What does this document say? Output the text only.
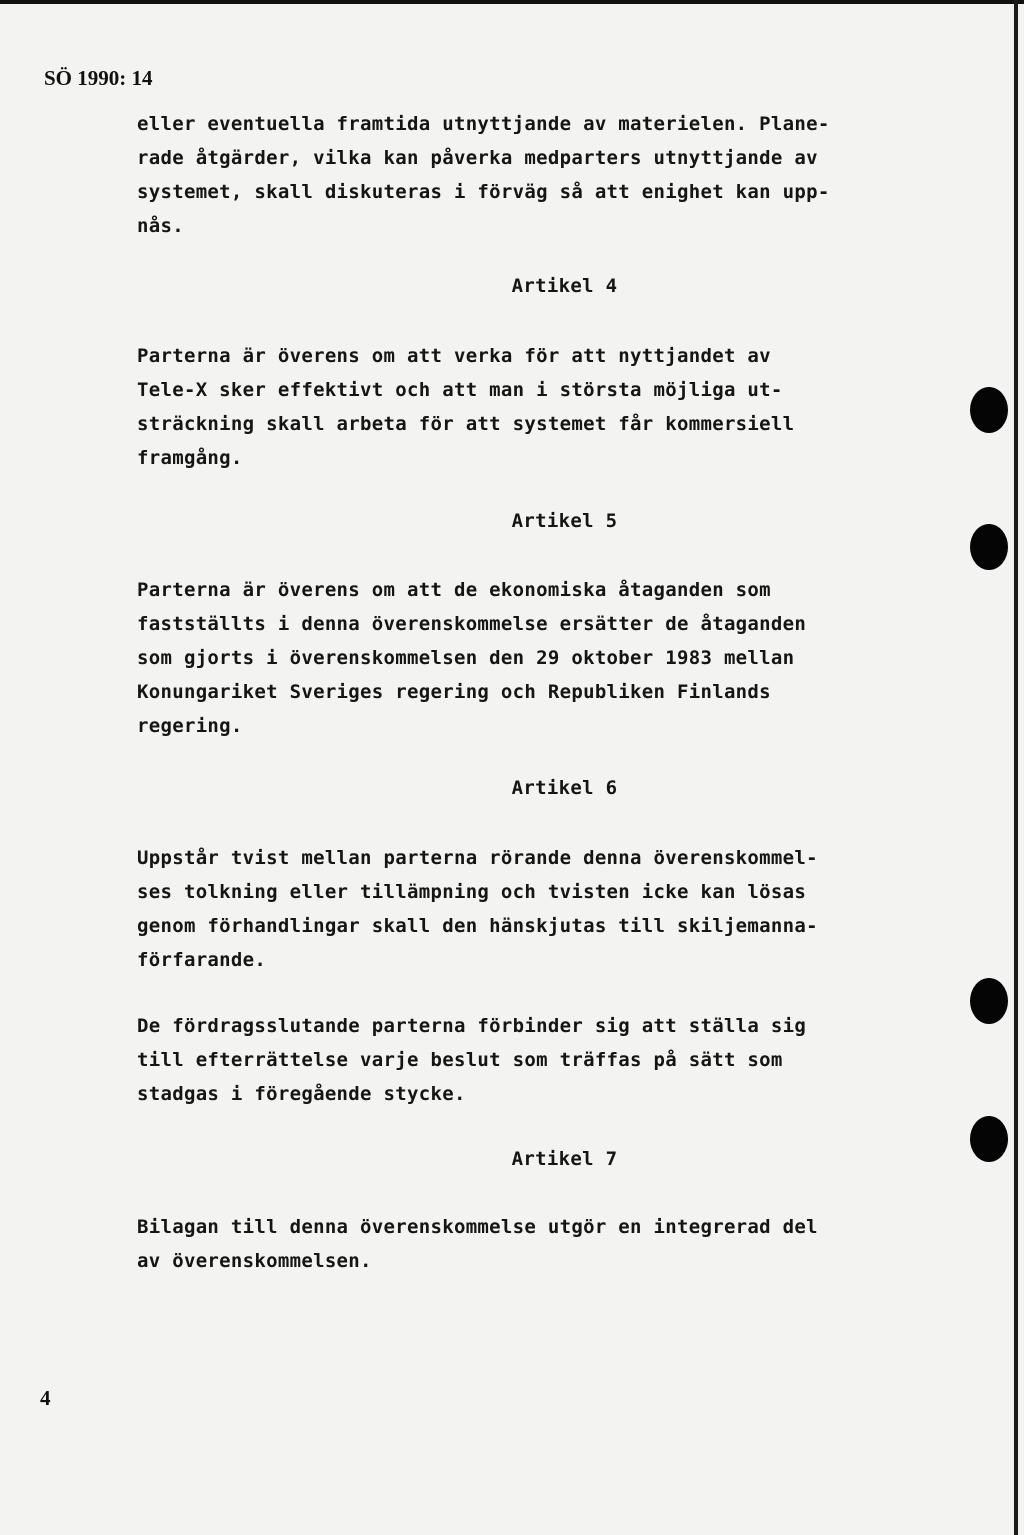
SÖ 1990: 14
eller eventuella framtida utnyttjande av materielen. Plane-
rade åtgärder, vilka kan påverka medparters utnyttjande av
systemet, skall diskuteras i förväg så att enighet kan upp-
nås.
Artikel 4
Parterna är överens om att verka för att nyttjandet av
Tele-X sker effektivt och att man i största möjliga ut-
sträckning skall arbeta för att systemet får kommersiell
framgång.
Artikel 5
Parterna är överens om att de ekonomiska åtaganden som
fastställts i denna överenskommelse ersätter de åtaganden
som gjorts i överenskommelsen den 29 oktober 1983 mellan
Konungariket Sveriges regering och Republiken Finlands
regering.
Artikel 6
Uppstår tvist mellan parterna rörande denna överenskommel-
ses tolkning eller tillämpning och tvisten icke kan lösas
genom förhandlingar skall den hänskjutas till skiljemanna-
förfarande.
De fördragsslutande parterna förbinder sig att ställa sig
till efterrättelse varje beslut som träffas på sätt som
stadgas i föregående stycke.
Artikel 7
Bilagan till denna överenskommelse utgör en integrerad del
av överenskommelsen.
4
